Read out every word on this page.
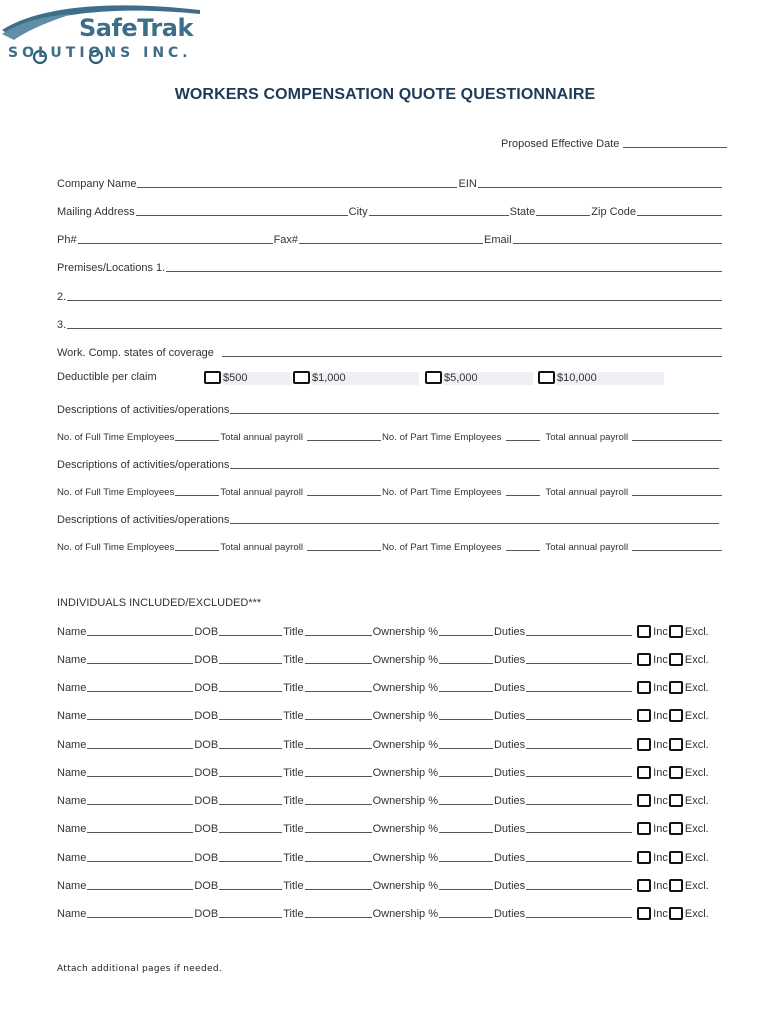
SafeTrak
SOLUTIONS INC.
WORKERS COMPENSATION QUOTE QUESTIONNAIRE
Proposed Effective Date
Company Name	EIN
Mailing Address	City	State	Zip Code
Ph#	Fax#	Email
Premises/Locations 1.
2.
3.
Work. Comp. states of coverage
Deductible per claim	$500	$1,000	$5,000	$10,000
Descriptions of activities/operations
No. of Full Time Employees	Total annual payroll	No. of Part Time Employees	Total annual payroll
Descriptions of activities/operations
No. of Full Time Employees	Total annual payroll	No. of Part Time Employees	Total annual payroll
Descriptions of activities/operations
No. of Full Time Employees	Total annual payroll	No. of Part Time Employees	Total annual payroll
INDIVIDUALS INCLUDED/EXCLUDED***
Name	DOB	Title	Ownership %	Duties	Inc Excl.
Name	DOB	Title	Ownership %	Duties	Inc Excl.
Name	DOB	Title	Ownership %	Duties	Inc Excl.
Name	DOB	Title	Ownership %	Duties	Inc Excl.
Name	DOB	Title	Ownership %	Duties	Inc Excl.
Name	DOB	Title	Ownership %	Duties	Inc Excl.
Name	DOB	Title	Ownership %	Duties	Inc Excl.
Name	DOB	Title	Ownership %	Duties	Inc Excl.
Name	DOB	Title	Ownership %	Duties	Inc Excl.
Name	DOB	Title	Ownership %	Duties	Inc Excl.
Name	DOB	Title	Ownership %	Duties	Inc Excl.
Attach additional pages if needed.
